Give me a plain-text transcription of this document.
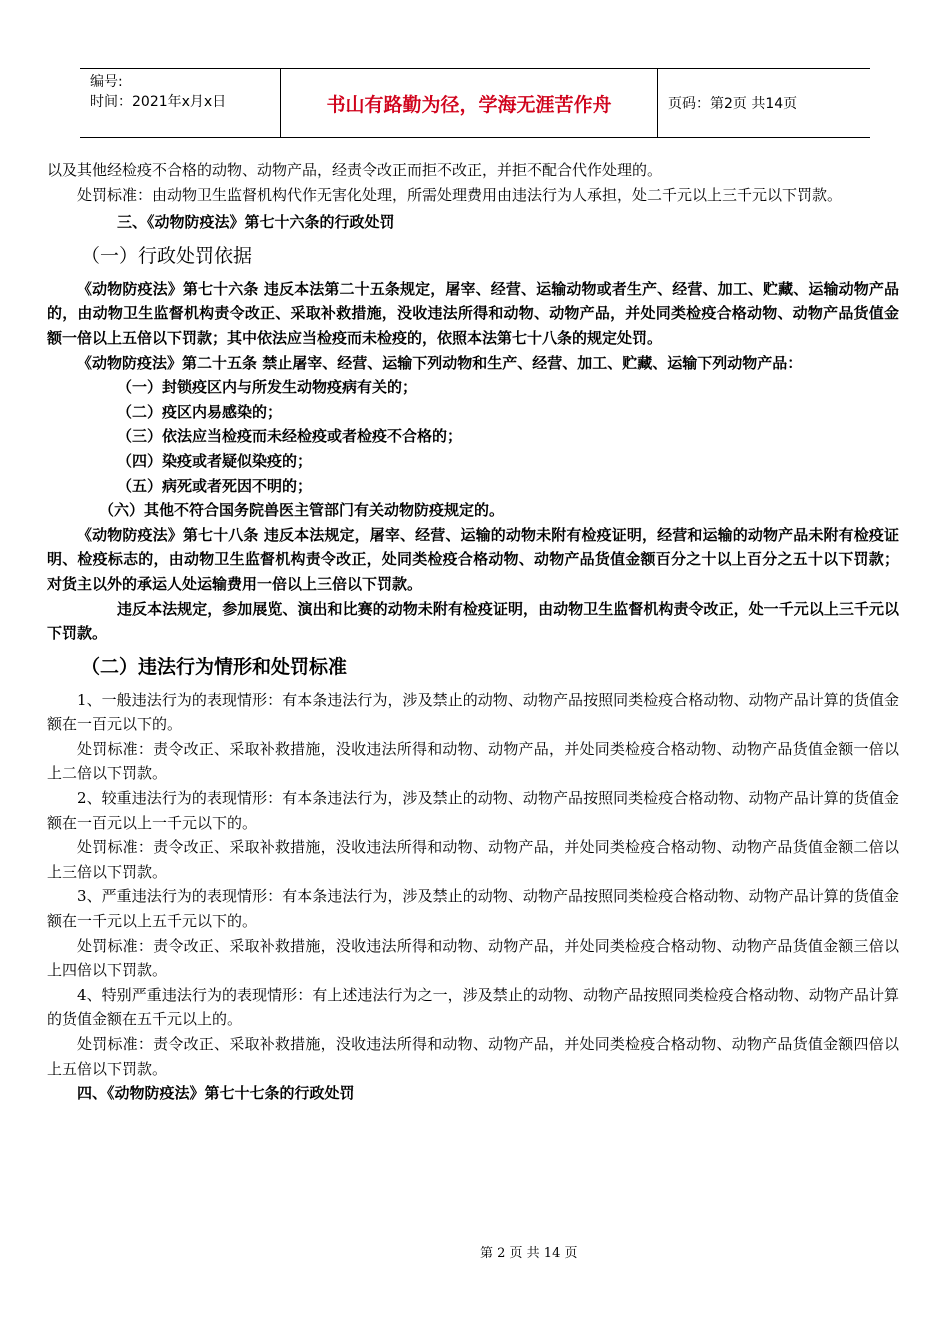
编号:
时间：2021年x月x日	书山有路勤为径，学海无涯苦作舟	页码：第2页 共14页

以及其他经检疫不合格的动物、动物产品，经责令改正而拒不改正，并拒不配合代作处理的。

处罚标准：由动物卫生监督机构代作无害化处理，所需处理费用由违法行为人承担，处二千元以上三千元以下罚款。

三、《动物防疫法》第七十六条的行政处罚

（一）行政处罚依据

《动物防疫法》第七十六条 违反本法第二十五条规定，屠宰、经营、运输动物或者生产、经营、加工、贮藏、运输动物产品的，由动物卫生监督机构责令改正、采取补救措施，没收违法所得和动物、动物产品，并处同类检疫合格动物、动物产品货值金额一倍以上五倍以下罚款；其中依法应当检疫而未检疫的，依照本法第七十八条的规定处罚。

《动物防疫法》第二十五条 禁止屠宰、经营、运输下列动物和生产、经营、加工、贮藏、运输下列动物产品：

（一）封锁疫区内与所发生动物疫病有关的；

（二）疫区内易感染的；

（三）依法应当检疫而未经检疫或者检疫不合格的；

（四）染疫或者疑似染疫的；

（五）病死或者死因不明的；

（六）其他不符合国务院兽医主管部门有关动物防疫规定的。

《动物防疫法》第七十八条 违反本法规定，屠宰、经营、运输的动物未附有检疫证明，经营和运输的动物产品未附有检疫证明、检疫标志的，由动物卫生监督机构责令改正，处同类检疫合格动物、动物产品货值金额百分之十以上百分之五十以下罚款；对货主以外的承运人处运输费用一倍以上三倍以下罚款。

违反本法规定，参加展览、演出和比赛的动物未附有检疫证明，由动物卫生监督机构责令改正，处一千元以上三千元以下罚款。

（二）违法行为情形和处罚标准

1、一般违法行为的表现情形：有本条违法行为，涉及禁止的动物、动物产品按照同类检疫合格动物、动物产品计算的货值金额在一百元以下的。

处罚标准：责令改正、采取补救措施，没收违法所得和动物、动物产品，并处同类检疫合格动物、动物产品货值金额一倍以上二倍以下罚款。

2、较重违法行为的表现情形：有本条违法行为，涉及禁止的动物、动物产品按照同类检疫合格动物、动物产品计算的货值金额在一百元以上一千元以下的。

处罚标准：责令改正、采取补救措施，没收违法所得和动物、动物产品，并处同类检疫合格动物、动物产品货值金额二倍以上三倍以下罚款。

3、严重违法行为的表现情形：有本条违法行为，涉及禁止的动物、动物产品按照同类检疫合格动物、动物产品计算的货值金额在一千元以上五千元以下的。

处罚标准：责令改正、采取补救措施，没收违法所得和动物、动物产品，并处同类检疫合格动物、动物产品货值金额三倍以上四倍以下罚款。

4、特别严重违法行为的表现情形：有上述违法行为之一，涉及禁止的动物、动物产品按照同类检疫合格动物、动物产品计算的货值金额在五千元以上的。

处罚标准：责令改正、采取补救措施，没收违法所得和动物、动物产品，并处同类检疫合格动物、动物产品货值金额四倍以上五倍以下罚款。

四、《动物防疫法》第七十七条的行政处罚

第 2 页 共 14 页
